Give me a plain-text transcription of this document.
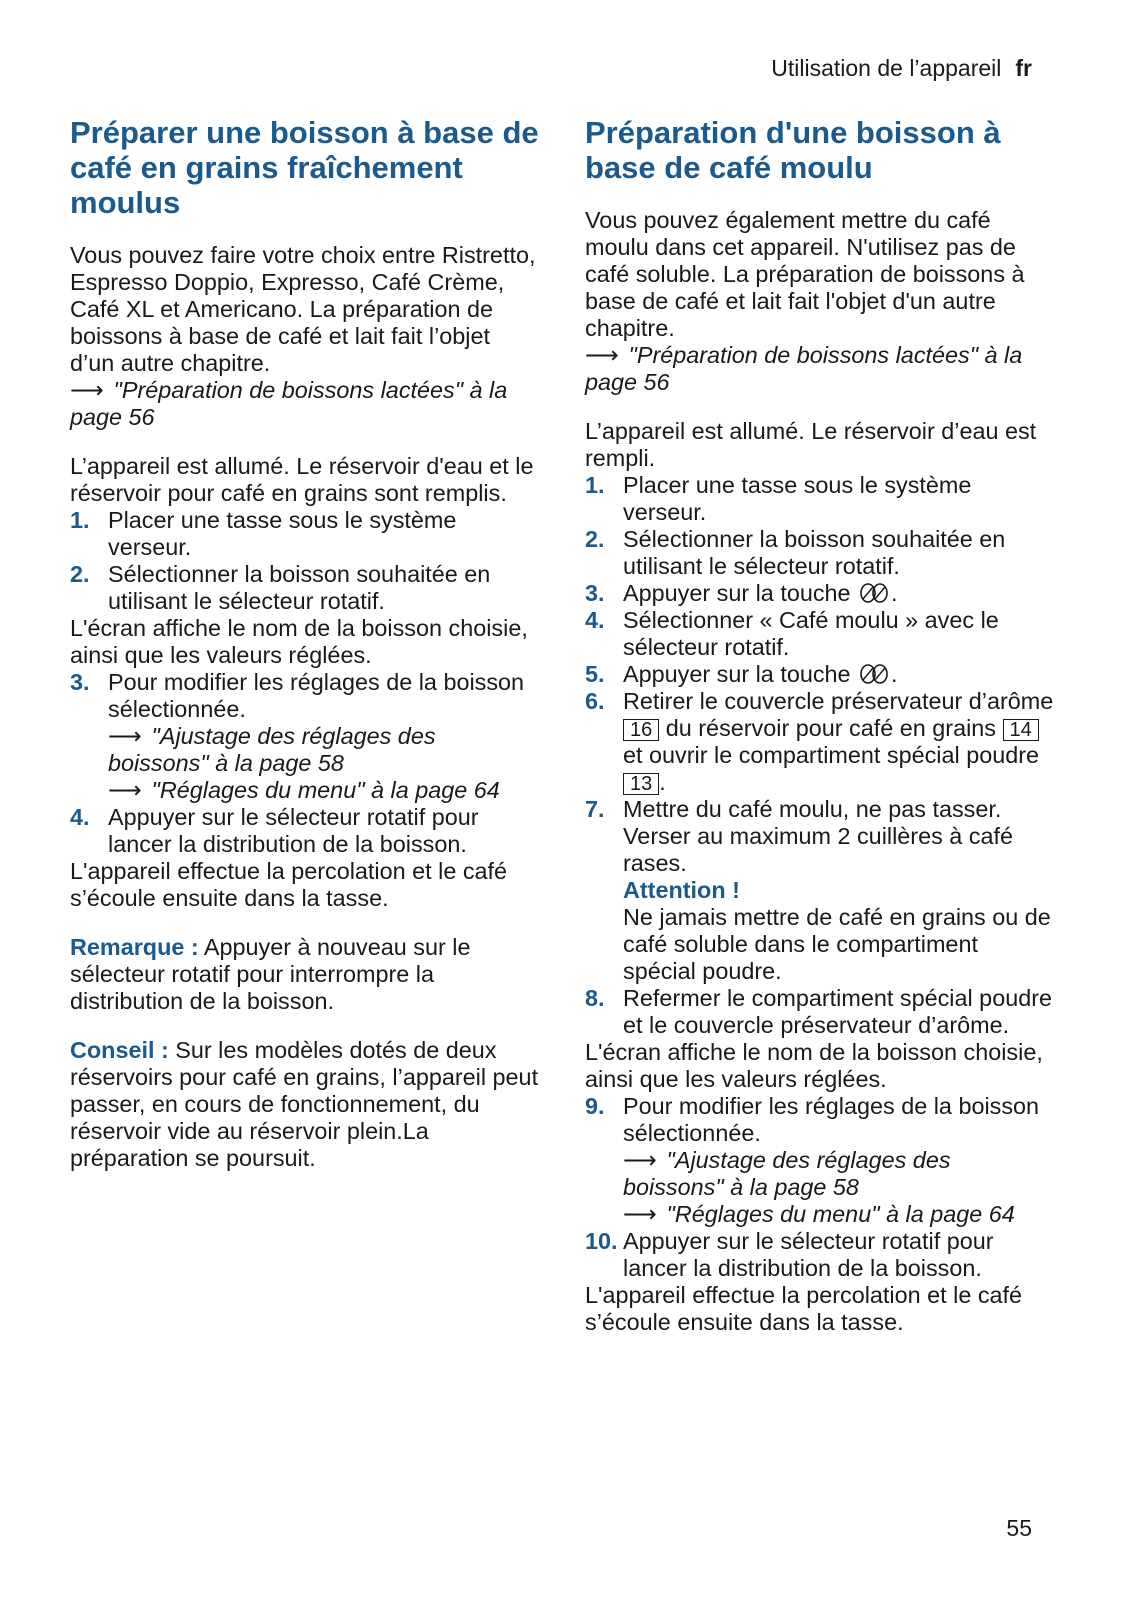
Utilisation de l’appareil fr
Préparer une boisson à base de café en grains fraîchement moulus

Vous pouvez faire votre choix entre Ristretto, Espresso Doppio, Expresso, Café Crème, Café XL et Americano. La préparation de boissons à base de café et lait fait l’objet d’un autre chapitre.

⟶ "Préparation de boissons lactées" à la page 56

L’appareil est allumé. Le réservoir d'eau et le réservoir pour café en grains sont remplis.

1. Placer une tasse sous le système verseur.
2. Sélectionner la boisson souhaitée en utilisant le sélecteur rotatif.

L'écran affiche le nom de la boisson choisie, ainsi que les valeurs réglées.

3. Pour modifier les réglages de la boisson sélectionnée.

⟶ "Ajustage des réglages des boissons" à la page 58

⟶ "Réglages du menu" à la page 64

4. Appuyer sur le sélecteur rotatif pour lancer la distribution de la boisson.

L'appareil effectue la percolation et le café s’écoule ensuite dans la tasse.

Remarque : Appuyer à nouveau sur le sélecteur rotatif pour interrompre la distribution de la boisson.

Conseil : Sur les modèles dotés de deux réservoirs pour café en grains, l’appareil peut passer, en cours de fonctionnement, du réservoir vide au réservoir plein.La préparation se poursuit.

Préparation d'une boisson à base de café moulu

Vous pouvez également mettre du café moulu dans cet appareil. N'utilisez pas de café soluble. La préparation de boissons à base de café et lait fait l'objet d'un autre chapitre.

⟶ "Préparation de boissons lactées" à la page 56

L’appareil est allumé. Le réservoir d’eau est rempli.

1. Placer une tasse sous le système verseur.
2. Sélectionner la boisson souhaitée en utilisant le sélecteur rotatif.
3. Appuyer sur la touche .
4. Sélectionner « Café moulu » avec le sélecteur rotatif.
5. Appuyer sur la touche .
6. Retirer le couvercle préservateur d’arôme 16 du réservoir pour café en grains 14 et ouvrir le compartiment spécial poudre 13 .
7. Mettre du café moulu, ne pas tasser. Verser au maximum 2 cuillères à café rases.

Attention !

Ne jamais mettre de café en grains ou de café soluble dans le compartiment spécial poudre.

8. Refermer le compartiment spécial poudre et le couvercle préservateur d’arôme.

L'écran affiche le nom de la boisson choisie, ainsi que les valeurs réglées.

9. Pour modifier les réglages de la boisson sélectionnée.

⟶ "Ajustage des réglages des boissons" à la page 58

⟶ "Réglages du menu" à la page 64

10. Appuyer sur le sélecteur rotatif pour lancer la distribution de la boisson.

L'appareil effectue la percolation et le café s’écoule ensuite dans la tasse.

55
